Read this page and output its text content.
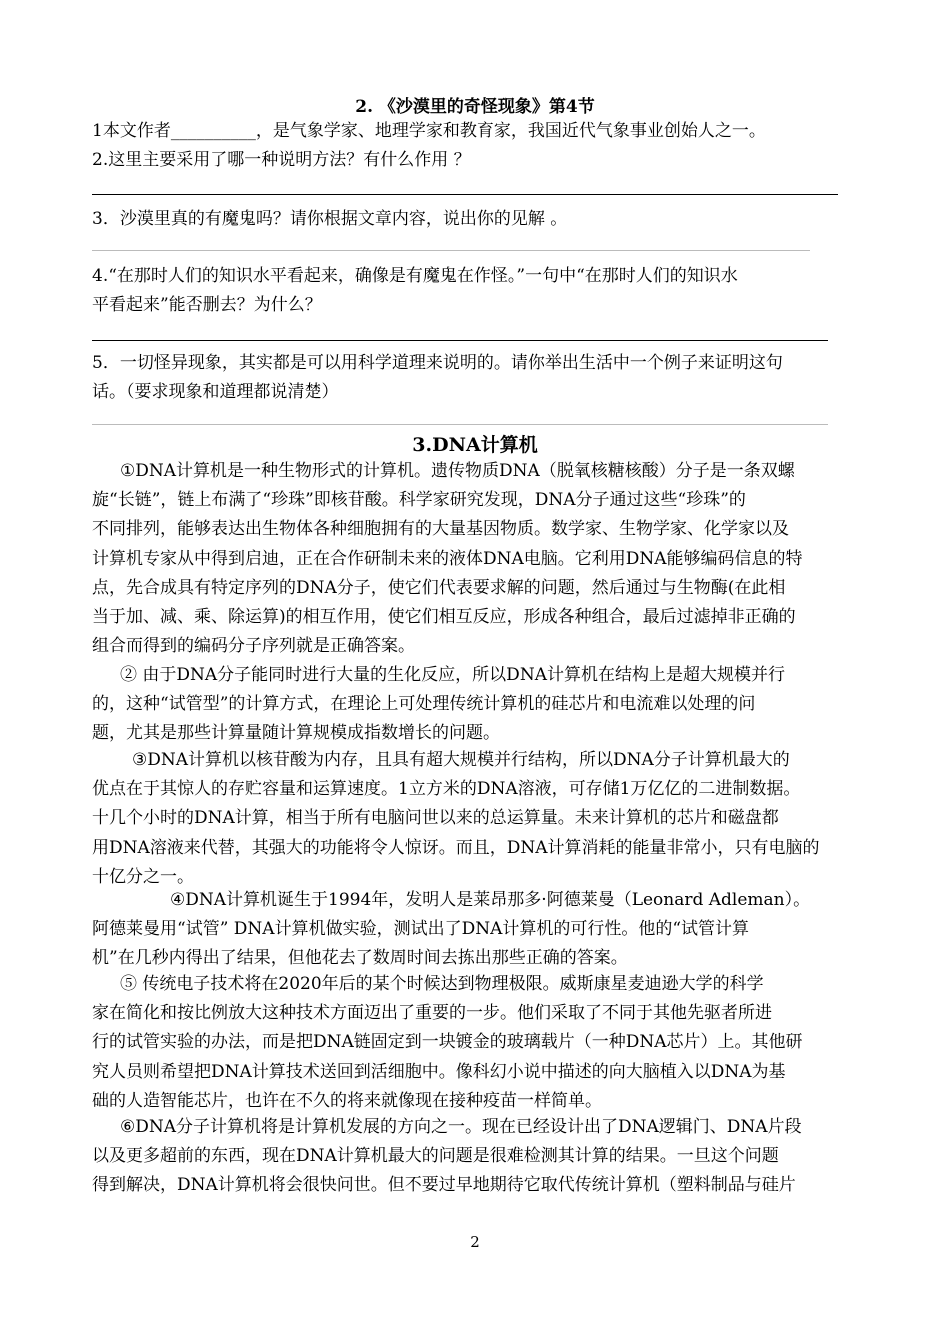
2. 《沙漠里的奇怪现象》第4节
1本文作者__________，是气象学家、地理学家和教育家，我国近代气象事业创始人之一。
2.这里主要采用了哪一种说明方法？有什么作用 ？
3．沙漠里真的有魔鬼吗？请你根据文章内容，说出你的见解 。
4.“在那时人们的知识水平看起来，确像是有魔鬼在作怪。”一句中“在那时人们的知识水
平看起来”能否删去？为什么？
5．一切怪异现象，其实都是可以用科学道理来说明的。请你举出生活中一个例子来证明这句
话。（要求现象和道理都说清楚）
3.DNA计算机
①DNA计算机是一种生物形式的计算机。遗传物质DNA（脱氧核糖核酸）分子是一条双螺
旋“长链”，链上布满了“珍珠”即核苷酸。科学家研究发现，DNA分子通过这些“珍珠”的
不同排列，能够表达出生物体各种细胞拥有的大量基因物质。数学家、生物学家、化学家以及
计算机专家从中得到启迪，正在合作研制未来的液体DNA电脑。它利用DNA能够编码信息的特
点，先合成具有特定序列的DNA分子，使它们代表要求解的问题，然后通过与生物酶(在此相
当于加、减、乘、除运算)的相互作用，使它们相互反应，形成各种组合，最后过滤掉非正确的
组合而得到的编码分子序列就是正确答案。
② 由于DNA分子能同时进行大量的生化反应，所以DNA计算机在结构上是超大规模并行
的，这种“试管型”的计算方式，在理论上可处理传统计算机的硅芯片和电流难以处理的问
题，尤其是那些计算量随计算规模成指数增长的问题。
③DNA计算机以核苷酸为内存，且具有超大规模并行结构，所以DNA分子计算机最大的
优点在于其惊人的存贮容量和运算速度。1立方米的DNA溶液，可存储1万亿亿的二进制数据。
十几个小时的DNA计算，相当于所有电脑问世以来的总运算量。未来计算机的芯片和磁盘都
用DNA溶液来代替，其强大的功能将令人惊讶。而且，DNA计算消耗的能量非常小，只有电脑的
十亿分之一。
④DNA计算机诞生于1994年，发明人是莱昂那多·阿德莱曼（Leonard Adleman）。
阿德莱曼用“试管” DNA计算机做实验，测试出了DNA计算机的可行性。他的“试管计算
机”在几秒内得出了结果，但他花去了数周时间去拣出那些正确的答案。
⑤ 传统电子技术将在2020年后的某个时候达到物理极限。威斯康星麦迪逊大学的科学
家在简化和按比例放大这种技术方面迈出了重要的一步。他们采取了不同于其他先驱者所进
行的试管实验的办法，而是把DNA链固定到一块镀金的玻璃载片（一种DNA芯片）上。其他研
究人员则希望把DNA计算技术送回到活细胞中。像科幻小说中描述的向大脑植入以DNA为基
础的人造智能芯片，也许在不久的将来就像现在接种疫苗一样简单。
⑥DNA分子计算机将是计算机发展的方向之一。现在已经设计出了DNA逻辑门、DNA片段
以及更多超前的东西，现在DNA计算机最大的问题是很难检测其计算的结果。一旦这个问题
得到解决，DNA计算机将会很快问世。但不要过早地期待它取代传统计算机（塑料制品与硅片
2
